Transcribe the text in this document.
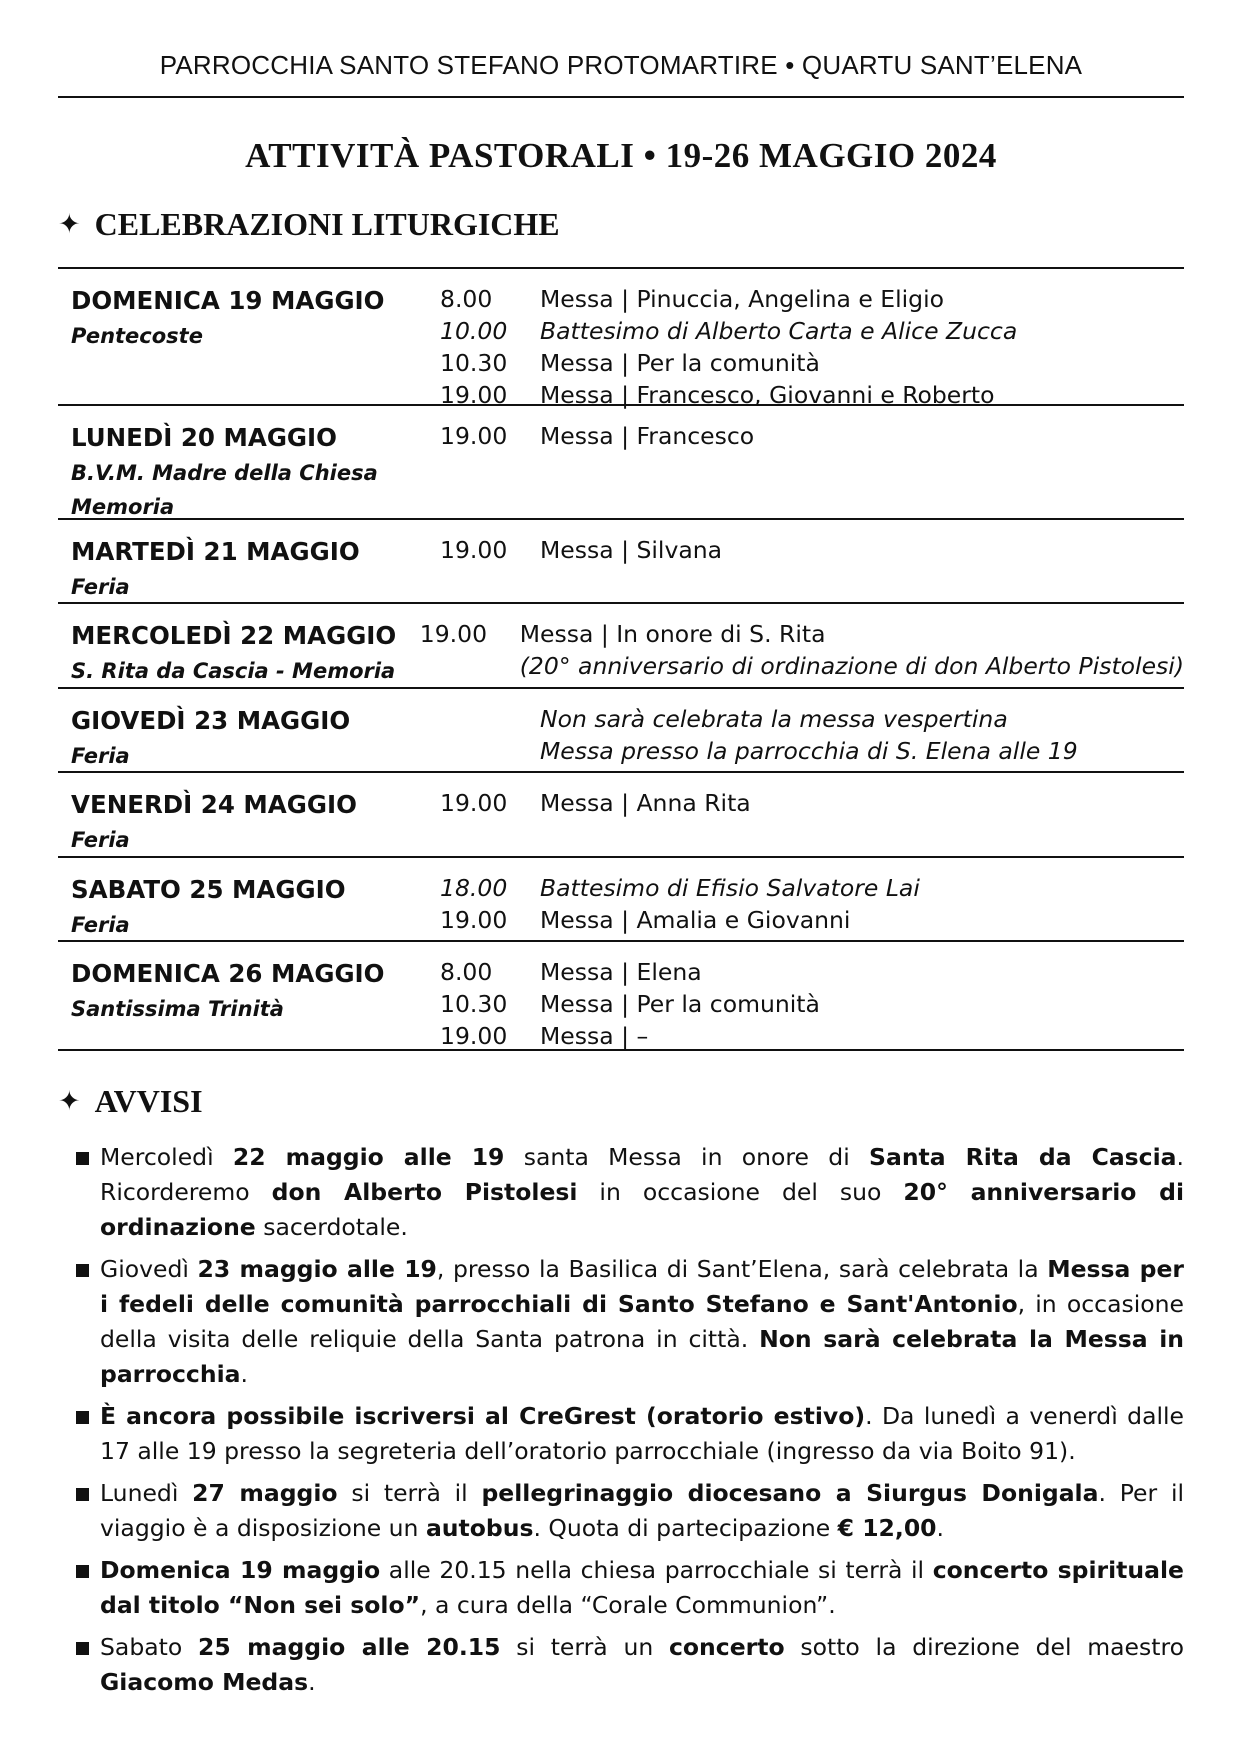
PARROCCHIA SANTO STEFANO PROTOMARTIRE • QUARTU SANT’ELENA
ATTIVITÀ PASTORALI • 19-26 MAGGIO 2024
✦ CELEBRAZIONI LITURGICHE
DOMENICA 19 MAGGIO
Pentecoste
8.00	Messa | Pinuccia, Angelina e Eligio
10.00	Battesimo di Alberto Carta e Alice Zucca
10.30	Messa | Per la comunità
19.00	Messa | Francesco, Giovanni e Roberto
LUNEDÌ 20 MAGGIO
B.V.M. Madre della Chiesa
Memoria
19.00	Messa | Francesco
MARTEDÌ 21 MAGGIO
Feria
19.00	Messa | Silvana
MERCOLEDÌ 22 MAGGIO
S. Rita da Cascia - Memoria
19.00	Messa | In onore di S. Rita
(20° anniversario di ordinazione di don Alberto Pistolesi)
GIOVEDÌ 23 MAGGIO
Feria
Non sarà celebrata la messa vespertina
Messa presso la parrocchia di S. Elena alle 19
VENERDÌ 24 MAGGIO
Feria
19.00	Messa | Anna Rita
SABATO 25 MAGGIO
Feria
18.00	Battesimo di Efisio Salvatore Lai
19.00	Messa | Amalia e Giovanni
DOMENICA 26 MAGGIO
Santissima Trinità
8.00	Messa | Elena
10.30	Messa | Per la comunità
19.00	Messa | –
✦ AVVISI
Mercoledì 22 maggio alle 19 santa Messa in onore di Santa Rita da Cascia. Ricorderemo don Alberto Pistolesi in occasione del suo 20° anniversario di ordinazione sacerdotale.
Giovedì 23 maggio alle 19, presso la Basilica di Sant’Elena, sarà celebrata la Messa per i fedeli delle comunità parrocchiali di Santo Stefano e Sant'Antonio, in occasione della visita delle reliquie della Santa patrona in città. Non sarà celebrata la Messa in parrocchia.
È ancora possibile iscriversi al CreGrest (oratorio estivo). Da lunedì a venerdì dalle 17 alle 19 presso la segreteria dell’oratorio parrocchiale (ingresso da via Boito 91).
Lunedì 27 maggio si terrà il pellegrinaggio diocesano a Siurgus Donigala. Per il viaggio è a disposizione un autobus. Quota di partecipazione € 12,00.
Domenica 19 maggio alle 20.15 nella chiesa parrocchiale si terrà il concerto spirituale dal titolo “Non sei solo”, a cura della “Corale Communion”.
Sabato 25 maggio alle 20.15 si terrà un concerto sotto la direzione del maestro Giacomo Medas.
